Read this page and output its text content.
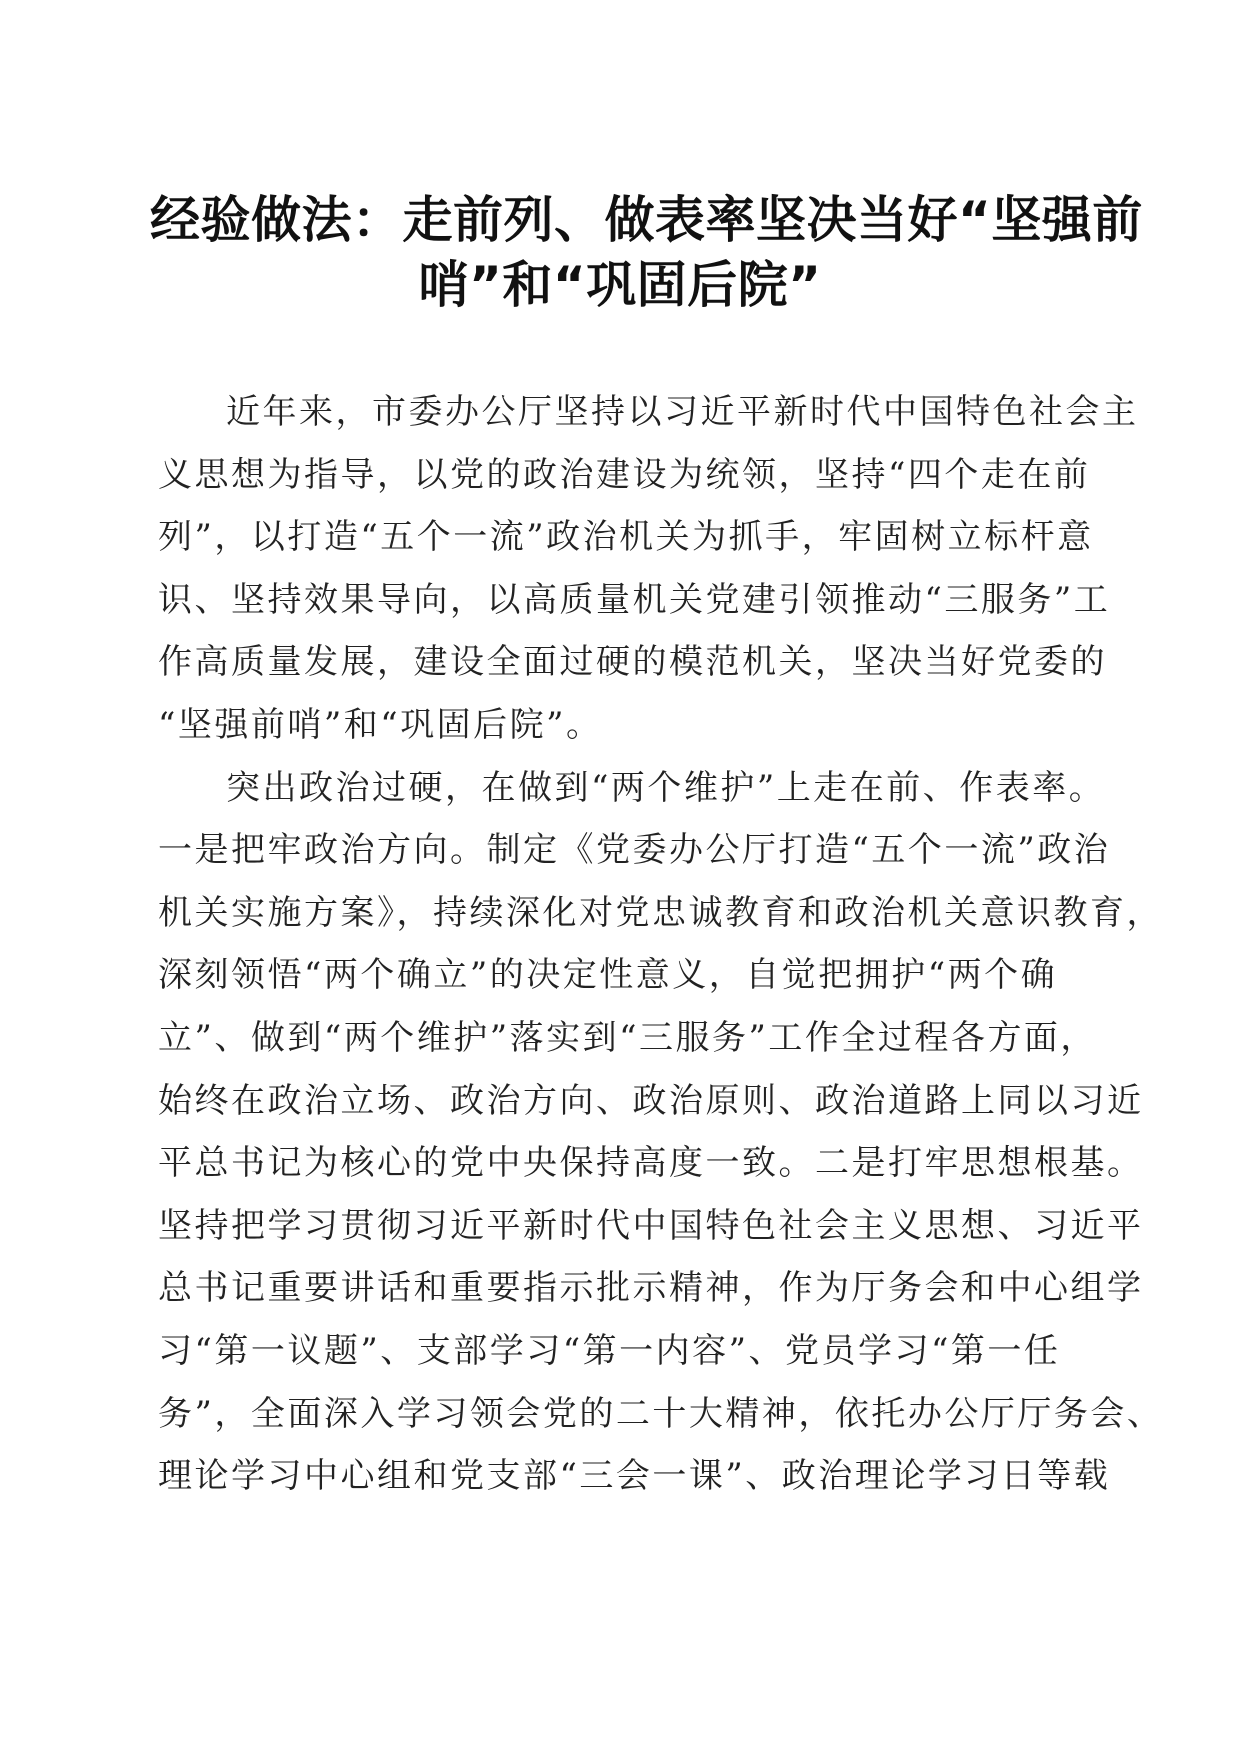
经验做法：走前列、做表率坚决当好“坚强前
哨”和“巩固后院”
近年来，市委办公厅坚持以习近平新时代中国特色社会主
义思想为指导，以党的政治建设为统领，坚持“四个走在前
列”，以打造“五个一流”政治机关为抓手，牢固树立标杆意
识、坚持效果导向，以高质量机关党建引领推动“三服务”工
作高质量发展，建设全面过硬的模范机关，坚决当好党委的
“坚强前哨”和“巩固后院”。
突出政治过硬，在做到“两个维护”上走在前、作表率。
一是把牢政治方向。制定《党委办公厅打造“五个一流”政治
机关实施方案》，持续深化对党忠诚教育和政治机关意识教育，
深刻领悟“两个确立”的决定性意义，自觉把拥护“两个确
立”、做到“两个维护”落实到“三服务”工作全过程各方面，
始终在政治立场、政治方向、政治原则、政治道路上同以习近
平总书记为核心的党中央保持高度一致。二是打牢思想根基。
坚持把学习贯彻习近平新时代中国特色社会主义思想、习近平
总书记重要讲话和重要指示批示精神，作为厅务会和中心组学
习“第一议题”、支部学习“第一内容”、党员学习“第一任
务”，全面深入学习领会党的二十大精神，依托办公厅厅务会、
理论学习中心组和党支部“三会一课”、政治理论学习日等载
